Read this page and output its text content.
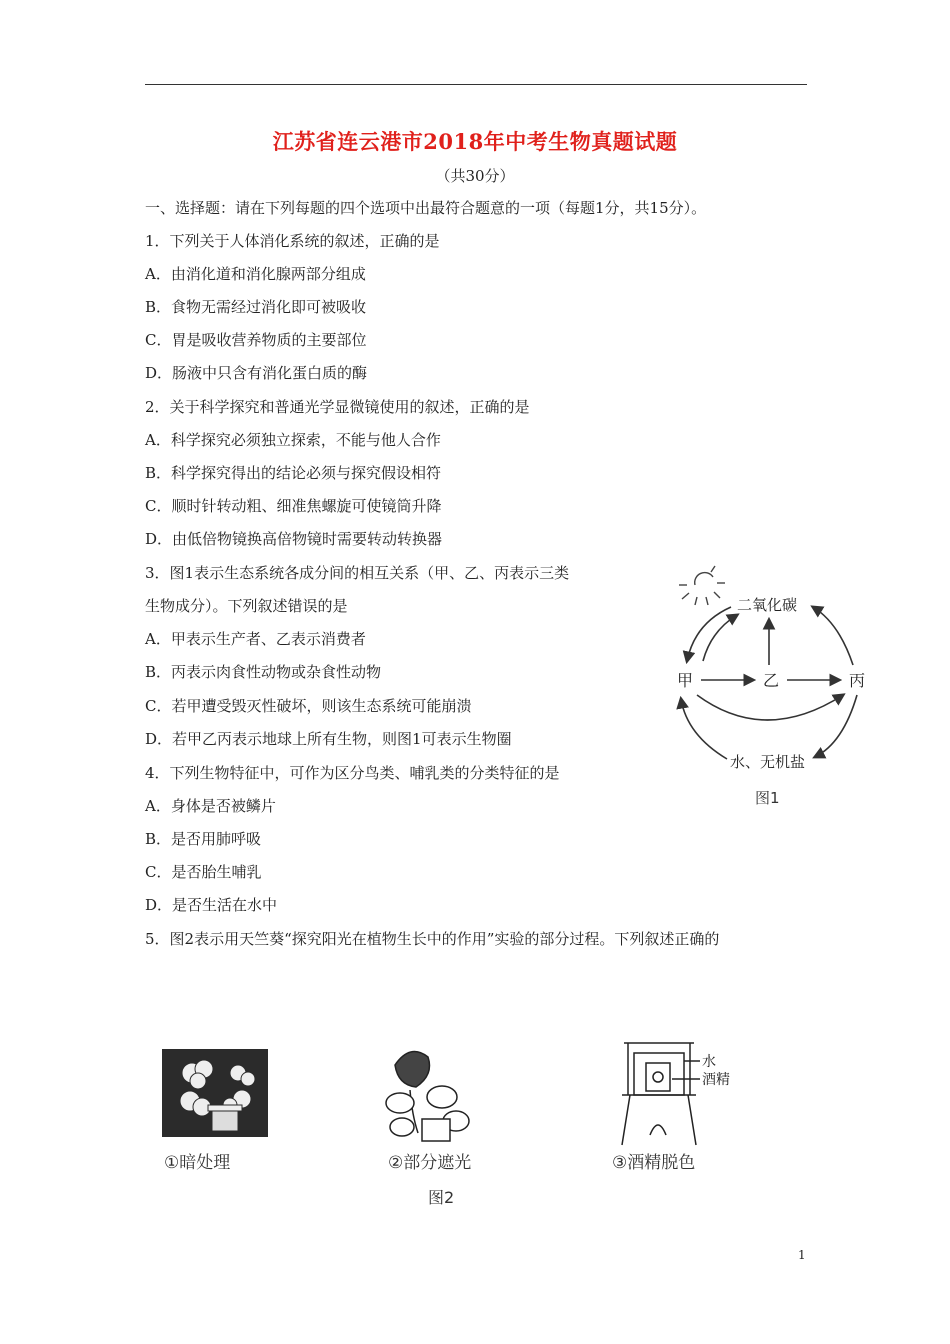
江苏省连云港市2018年中考生物真题试题
（共30分）
一、选择题：请在下列每题的四个选项中出最符合题意的一项（每题1分，共15分）。
1．下列关于人体消化系统的叙述，正确的是
A．由消化道和消化腺两部分组成
B．食物无需经过消化即可被吸收
C．胃是吸收营养物质的主要部位
D．肠液中只含有消化蛋白质的酶
2．关于科学探究和普通光学显微镜使用的叙述，正确的是
A．科学探究必须独立探索，不能与他人合作
B．科学探究得出的结论必须与探究假设相符
C．顺时针转动粗、细准焦螺旋可使镜筒升降
D．由低倍物镜换高倍物镜时需要转动转换器
3．图1表示生态系统各成分间的相互关系（甲、乙、丙表示三类
生物成分）。下列叙述错误的是
A．甲表示生产者、乙表示消费者
B．丙表示肉食性动物或杂食性动物
C．若甲遭受毁灭性破坏，则该生态系统可能崩溃
D．若甲乙丙表示地球上所有生物，则图1可表示生物圈
4．下列生物特征中，可作为区分鸟类、哺乳类的分类特征的是
A．身体是否被鳞片
B．是否用肺呼吸
C．是否胎生哺乳
D．是否生活在水中
5．图2表示用天竺葵“探究阳光在植物生长中的作用”实验的部分过程。下列叙述正确的
二氧化碳
甲	乙	丙
水、无机盐
图1
水
酒精
①暗处理	②部分遮光	③酒精脱色
图2
1
